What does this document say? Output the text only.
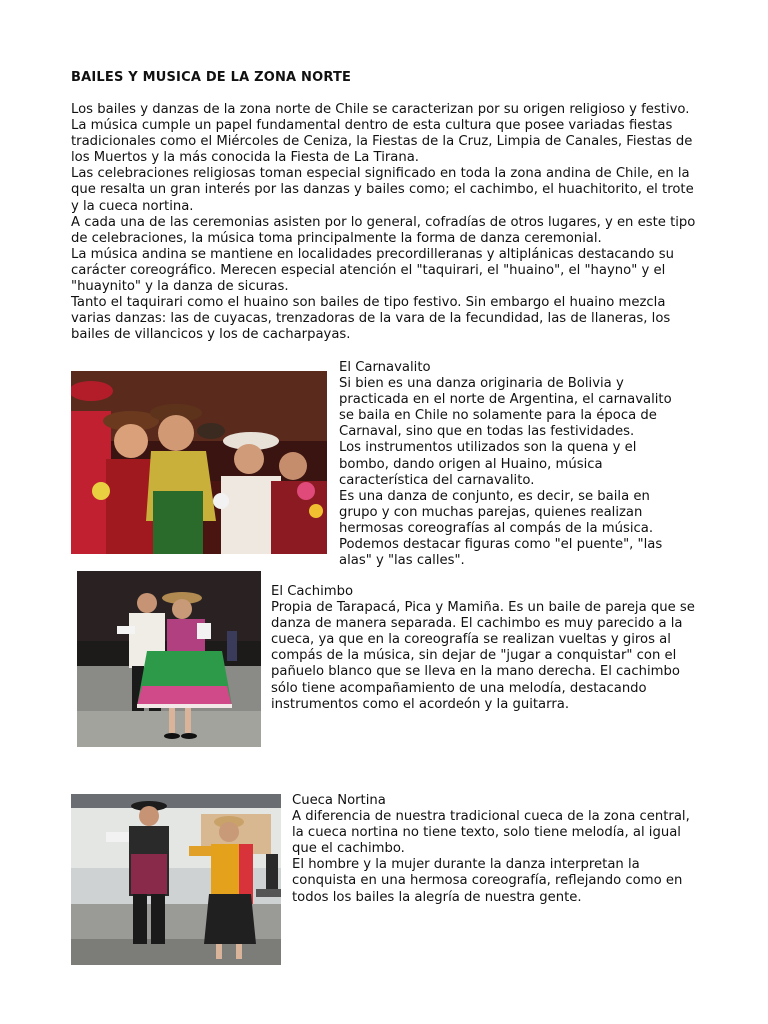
BAILES Y MUSICA DE LA ZONA NORTE

Los bailes y danzas de la zona norte de Chile se caracterizan por su origen religioso y festivo. La música cumple un papel fundamental dentro de esta cultura que posee variadas fiestas tradicionales como el Miércoles de Ceniza, la Fiestas de la Cruz, Limpia de Canales, Fiestas de los Muertos y la más conocida la Fiesta de La Tirana.

Las celebraciones religiosas toman especial significado en toda la zona andina de Chile, en la que resalta un gran interés por las danzas y bailes como; el cachimbo, el huachitorito, el trote y la cueca nortina.

A cada una de las ceremonias asisten por lo general, cofradías de otros lugares, y en este tipo de celebraciones, la música toma principalmente la forma de danza ceremonial.

La música andina se mantiene en localidades precordilleranas y altiplánicas destacando su carácter coreográfico. Merecen especial atención el "taquirari, el "huaino", el "hayno" y el "huaynito" y la danza de sicuras.

Tanto el taquirari como el huaino son bailes de tipo festivo. Sin embargo el huaino mezcla varias danzas: las de cuyacas, trenzadoras de la vara de la fecundidad, las de llaneras, los bailes de villancicos y los de cacharpayas.

El Carnavalito

Si bien es una danza originaria de Bolivia y practicada en el norte de Argentina, el carnavalito se baila en Chile no solamente para la época de Carnaval, sino que en todas las festividades.

Los instrumentos utilizados son la quena y el bombo, dando origen al Huaino, música característica del carnavalito.

Es una danza de conjunto, es decir, se baila en grupo y con muchas parejas, quienes realizan hermosas coreografías al compás de la música. Podemos destacar figuras como "el puente", "las alas" y "las calles".

El Cachimbo

Propia de Tarapacá, Pica y Mamiña. Es un baile de pareja que se danza de manera separada. El cachimbo es muy parecido a la cueca, ya que en la coreografía se realizan vueltas y giros al compás de la música, sin dejar de "jugar a conquistar" con el pañuelo blanco que se lleva en la mano derecha. El cachimbo sólo tiene acompañamiento de una melodía, destacando instrumentos como el acordeón y la guitarra.

Cueca Nortina

A diferencia de nuestra tradicional cueca de la zona central, la cueca nortina no tiene texto, solo tiene melodía, al igual que el cachimbo.

El hombre y la mujer durante la danza interpretan la conquista en una hermosa coreografía, reflejando como en todos los bailes la alegría de nuestra gente.
